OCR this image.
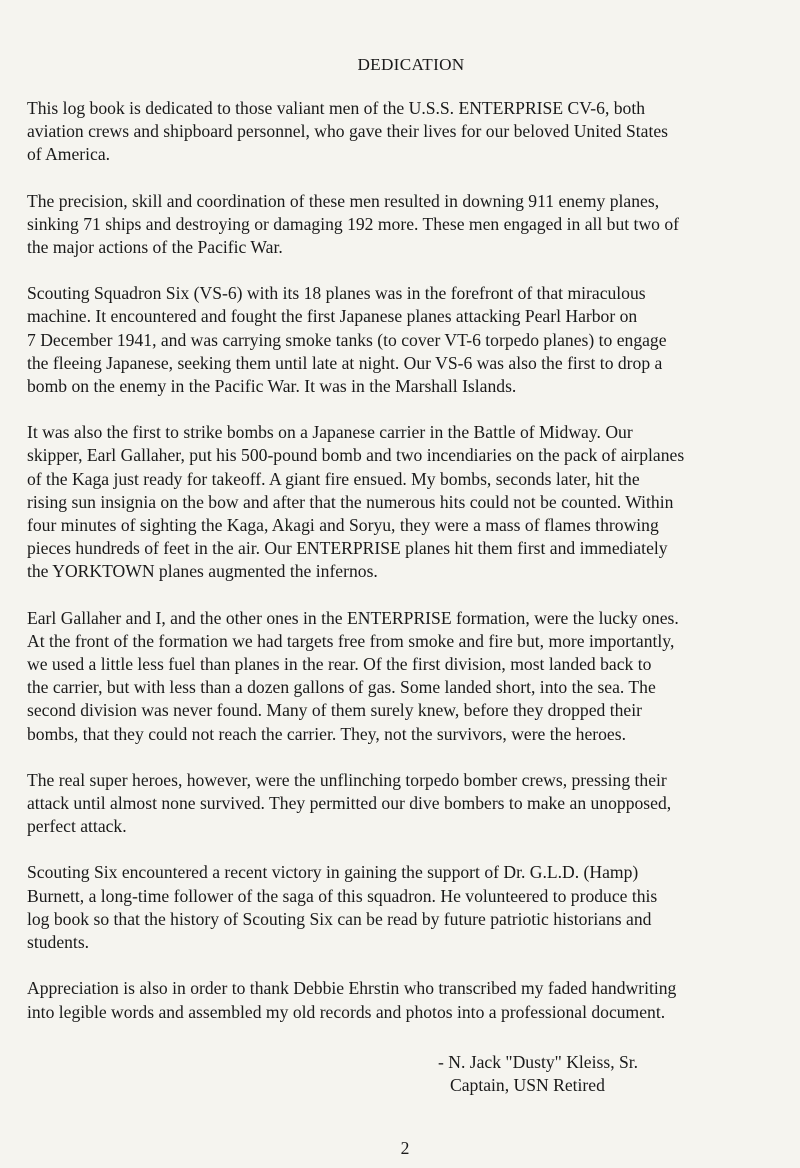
DEDICATION

This log book is dedicated to those valiant men of the U.S.S. ENTERPRISE CV-6, both
aviation crews and shipboard personnel, who gave their lives for our beloved United States
of America.

The precision, skill and coordination of these men resulted in downing 911 enemy planes,
sinking 71 ships and destroying or damaging 192 more. These men engaged in all but two of
the major actions of the Pacific War.

Scouting Squadron Six (VS-6) with its 18 planes was in the forefront of that miraculous
machine. It encountered and fought the first Japanese planes attacking Pearl Harbor on
7 December 1941, and was carrying smoke tanks (to cover VT-6 torpedo planes) to engage
the fleeing Japanese, seeking them until late at night. Our VS-6 was also the first to drop a
bomb on the enemy in the Pacific War. It was in the Marshall Islands.

It was also the first to strike bombs on a Japanese carrier in the Battle of Midway. Our
skipper, Earl Gallaher, put his 500-pound bomb and two incendiaries on the pack of airplanes
of the Kaga just ready for takeoff. A giant fire ensued. My bombs, seconds later, hit the
rising sun insignia on the bow and after that the numerous hits could not be counted. Within
four minutes of sighting the Kaga, Akagi and Soryu, they were a mass of flames throwing
pieces hundreds of feet in the air. Our ENTERPRISE planes hit them first and immediately
the YORKTOWN planes augmented the infernos.

Earl Gallaher and I, and the other ones in the ENTERPRISE formation, were the lucky ones.
At the front of the formation we had targets free from smoke and fire but, more importantly,
we used a little less fuel than planes in the rear. Of the first division, most landed back to
the carrier, but with less than a dozen gallons of gas. Some landed short, into the sea. The
second division was never found. Many of them surely knew, before they dropped their
bombs, that they could not reach the carrier. They, not the survivors, were the heroes.

The real super heroes, however, were the unflinching torpedo bomber crews, pressing their
attack until almost none survived. They permitted our dive bombers to make an unopposed,
perfect attack.

Scouting Six encountered a recent victory in gaining the support of Dr. G.L.D. (Hamp)
Burnett, a long-time follower of the saga of this squadron. He volunteered to produce this
log book so that the history of Scouting Six can be read by future patriotic historians and
students.

Appreciation is also in order to thank Debbie Ehrstin who transcribed my faded handwriting
into legible words and assembled my old records and photos into a professional document.

- N. Jack "Dusty" Kleiss, Sr.
Captain, USN Retired
2
